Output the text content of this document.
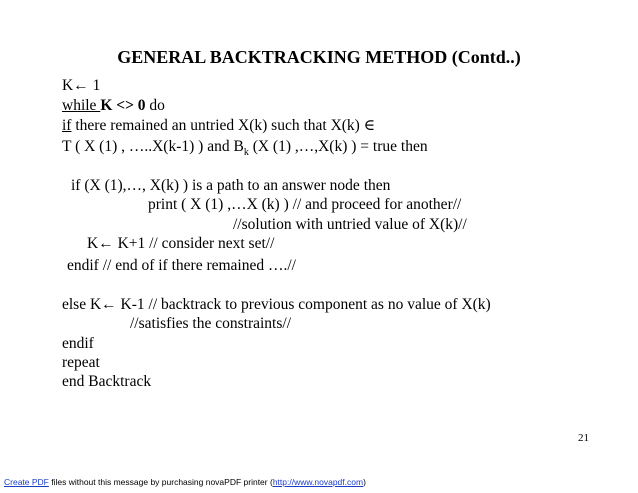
GENERAL BACKTRACKING METHOD (Contd..)
K← 1
while K <> 0 do
if there remained an untried X(k) such that X(k) ∈
T ( X (1) , …..X(k-1) ) and $B_k$ (X (1) ,…,X(k) ) = true then
if (X (1),…, X(k) ) is a path to an answer node then
print ( X (1) ,…X (k) ) // and proceed for another//
//solution with untried value of X(k)//
K← K+1 // consider next set//
endif // end of if there remained ….//
else K← K-1 // backtrack to previous component as no value of X(k)
//satisfies the constraints//
endif
repeat
end Backtrack
21
Create PDF files without this message by purchasing novaPDF printer (http://www.novapdf.com)
